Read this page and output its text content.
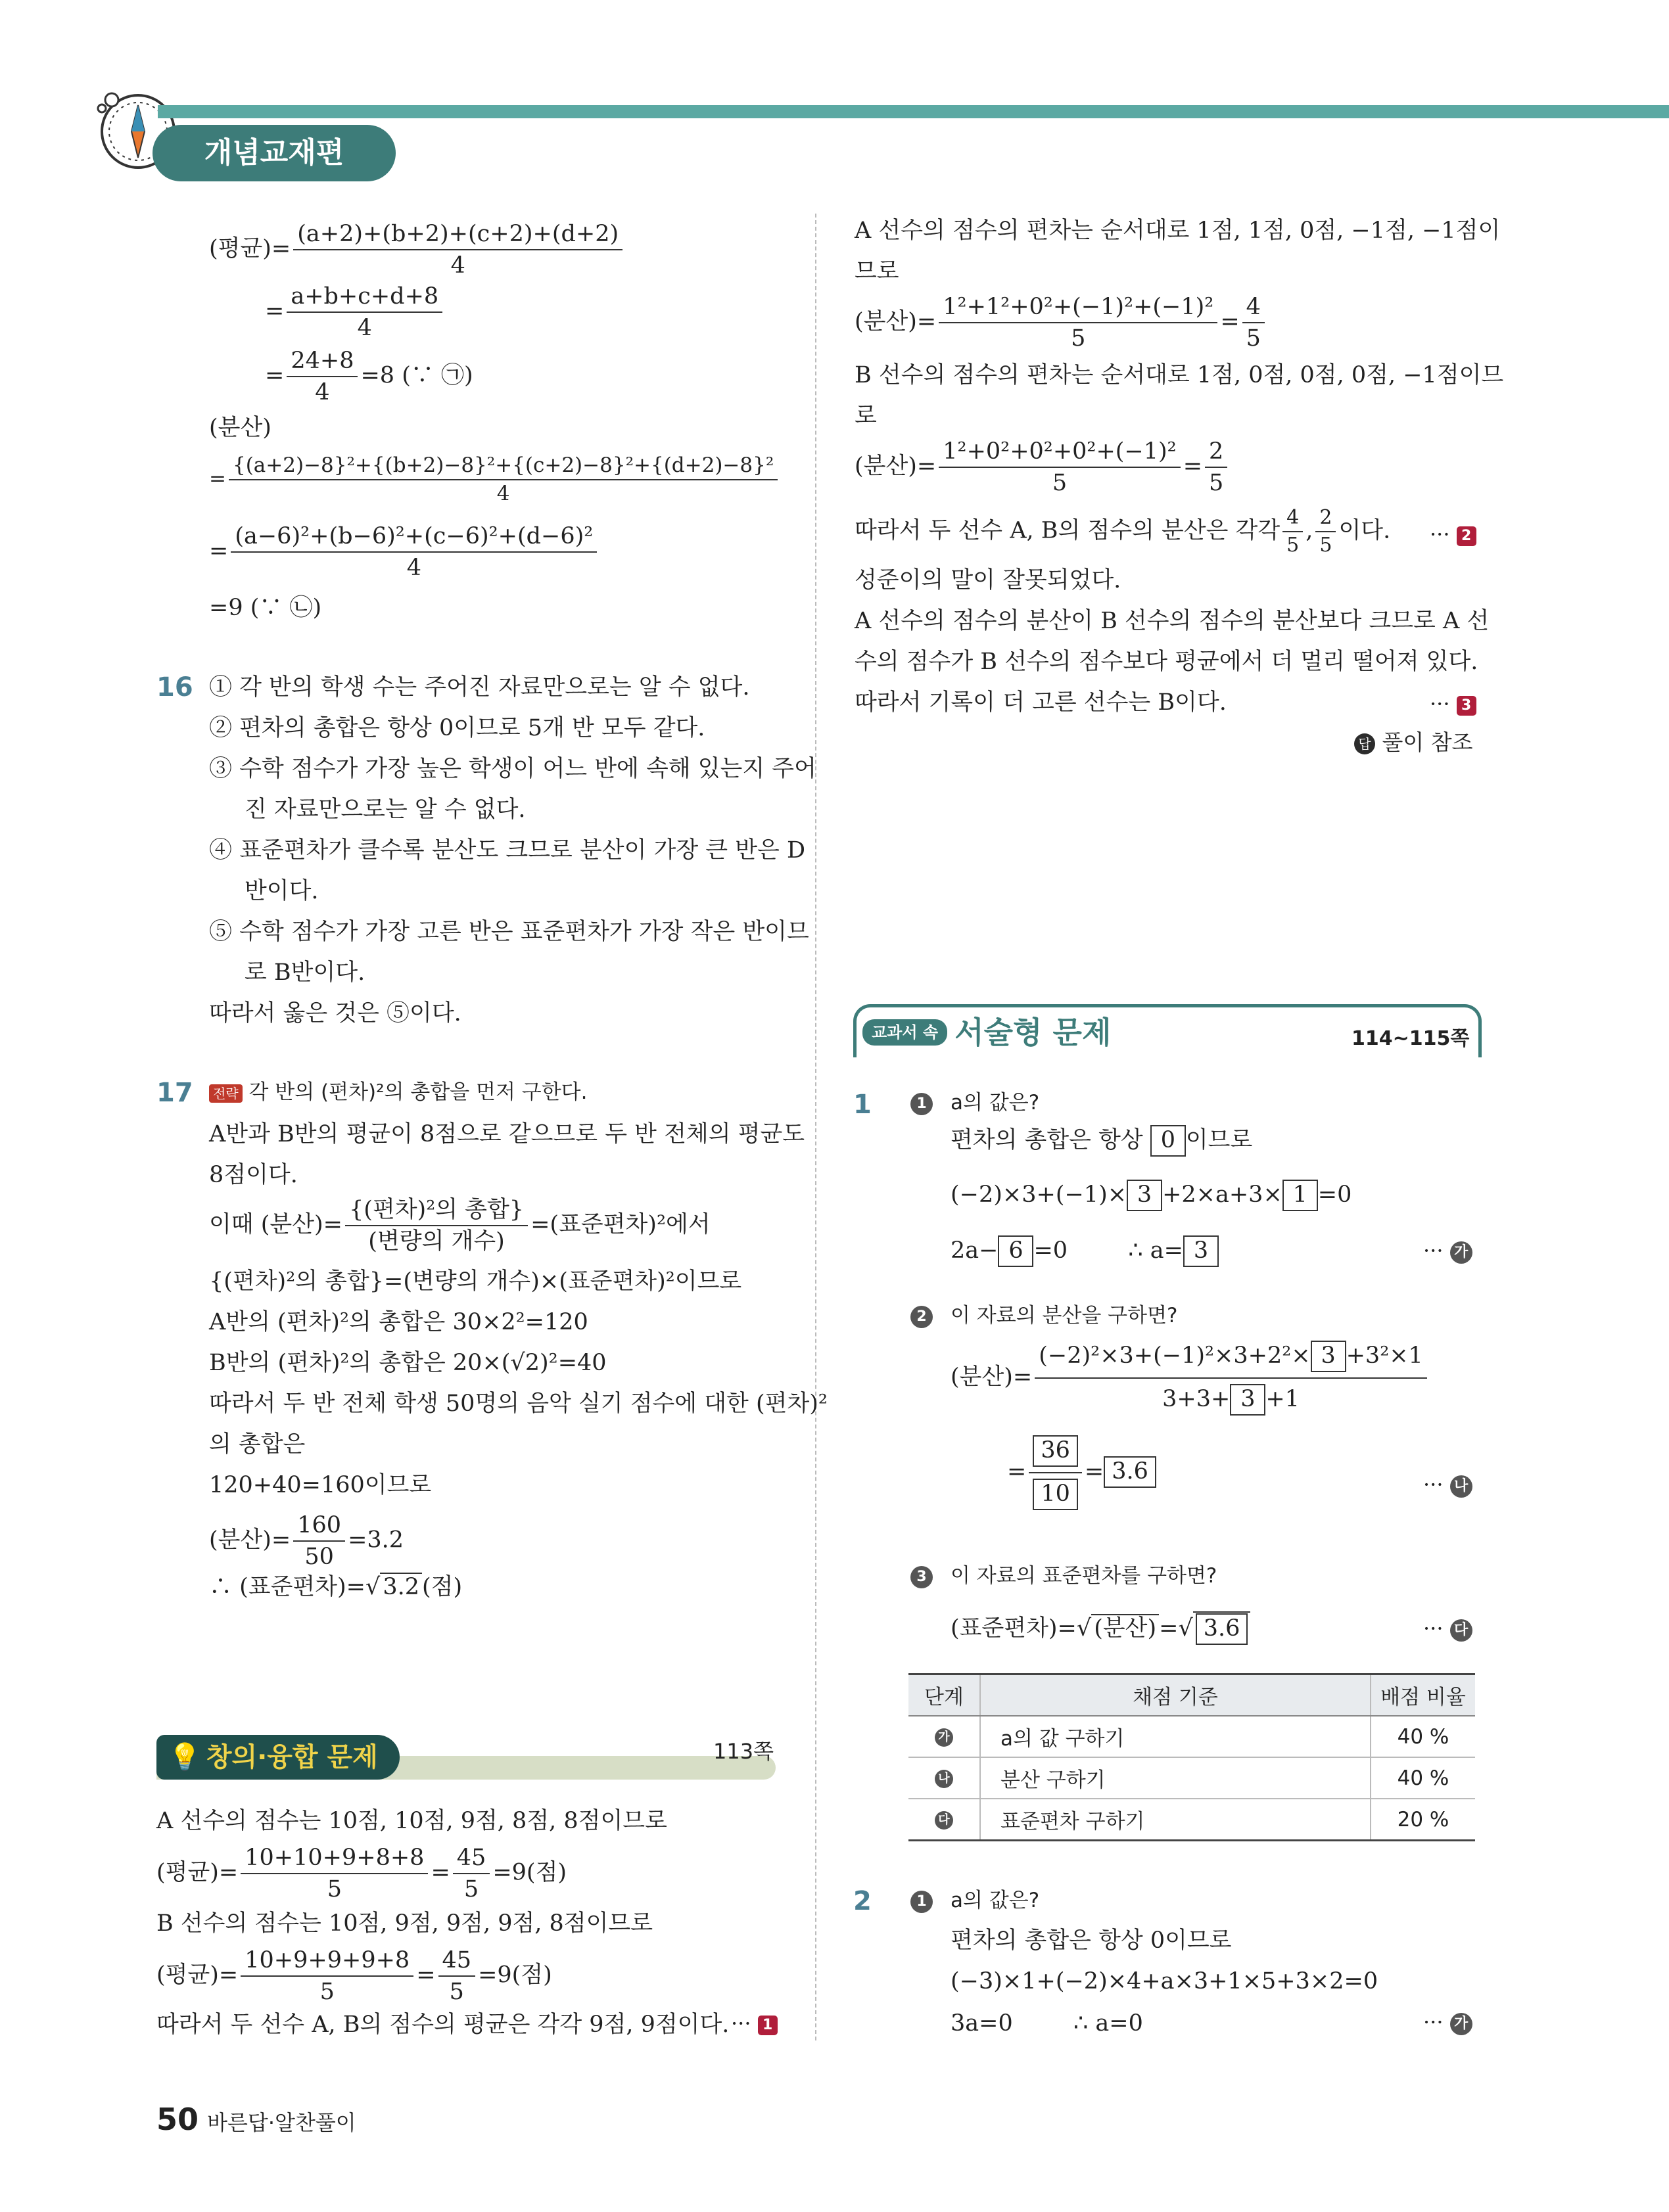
개념교재편
(평균)= $\frac{(a+2)+(b+2)+(c+2)+(d+2)}{4}$
= $\frac{a+b+c+d+8}{4}$
= $\frac{24+8}{4} =8$ (∵ ㉠)
(분산)
= $\frac{\text{\{(a+2)−8\}²+\{(b+2)−8\}²+\{(c+2)−8\}²+\{(d+2)−8\}²}}{4}$
= $\frac{\text{(a−6)²+(b−6)²+(c−6)²+(d−6)²}}{4}$
=9 (∵ ㉡)
16 ① 각 반의 학생 수는 주어진 자료만으로는 알 수 없다.
② 편차의 총합은 항상 0이므로 5개 반 모두 같다.
③ 수학 점수가 가장 높은 학생이 어느 반에 속해 있는지 주어
진 자료만으로는 알 수 없다.
④ 표준편차가 클수록 분산도 크므로 분산이 가장 큰 반은 D
반이다.
⑤ 수학 점수가 가장 고른 반은 표준편차가 가장 작은 반이므
로 B반이다.
따라서 옳은 것은 ⑤이다.
17	전략 각 반의 (편차)²의 총합을 먼저 구한다.
A반과 B반의 평균이 8점으로 같으므로 두 반 전체의 평균도
8점이다.
이때 (분산)= $\frac{\text{\{(편차)²의 총합\}}}{\text{(변량의 개수)}}$ =(표준편차)²에서
{(편차)²의 총합}=(변량의 개수)×(표준편차)²이므로
A반의 (편차)²의 총합은 30×2²=120
B반의 (편차)²의 총합은 20×(√2)²=40
따라서 두 반 전체 학생 50명의 음악 실기 점수에 대한 (편차)²
의 총합은
120+40=160이므로
(분산)= $\frac{160}{50} =3.2$
∴ (표준편차)=√ 3.2 (점)
💡 창의·융합 문제	113쪽
A 선수의 점수는 10점, 10점, 9점, 8점, 8점이므로
(평균)= $\frac{10+10+9+8+8}{5} = \frac{45}{5} =9$(점)
B 선수의 점수는 10점, 9점, 9점, 9점, 8점이므로
(평균)= $\frac{10+9+9+9+8}{5} = \frac{45}{5} =9$(점)
따라서 두 선수 A, B의 점수의 평균은 각각 9점, 9점이다. ··· 1
A 선수의 점수의 편차는 순서대로 1점, 1점, 0점, −1점, −1점이
므로
(분산)= $\frac{\text{1²+1²+0²+(−1)²+(−1)²}}{5} = \frac{4}{5}$
B 선수의 점수의 편차는 순서대로 1점, 0점, 0점, 0점, −1점이므
로
(분산)= $\frac{\text{1²+0²+0²+0²+(−1)²}}{5} = \frac{2}{5}$
따라서 두 선수 A, B의 점수의 분산은 각각 $\frac{4}{5}$ , $\frac{2}{5}$ 이다. ··· 2
성준이의 말이 잘못되었다.
A 선수의 점수의 분산이 B 선수의 점수의 분산보다 크므로 A 선
수의 점수가 B 선수의 점수보다 평균에서 더 멀리 떨어져 있다.
따라서 기록이 더 고른 선수는 B이다.	··· 3
답 풀이 참조
교과서 속 서술형 문제	114~115쪽
1	1	a의 값은?
편차의 총합은 항상 0 이므로
(−2)×3+(−1)× 3 +2×a+3× 1 =0
2a− 6 =0	∴ a= 3	··· 가
2	이 자료의 분산을 구하면?
(분산)= $\frac{\text{(−2)²×3+(−1)²×3+2²× 3 +3²×1}}{3+3+ 3 +1}$
= $\frac{36}{10} = 3.6$	··· 나
3	이 자료의 표준편차를 구하면?
(표준편차)=√ (분산) =√ 3.6	··· 다
단계	채점 기준	배점 비율
가	a의 값 구하기	40 %
나	분산 구하기	40 %
다	표준편차 구하기	20 %
2	1	a의 값은?
편차의 총합은 항상 0이므로
(−3)×1+(−2)×4+a×3+1×5+3×2=0
3a=0	∴ a=0	··· 가
50 바른답·알찬풀이
